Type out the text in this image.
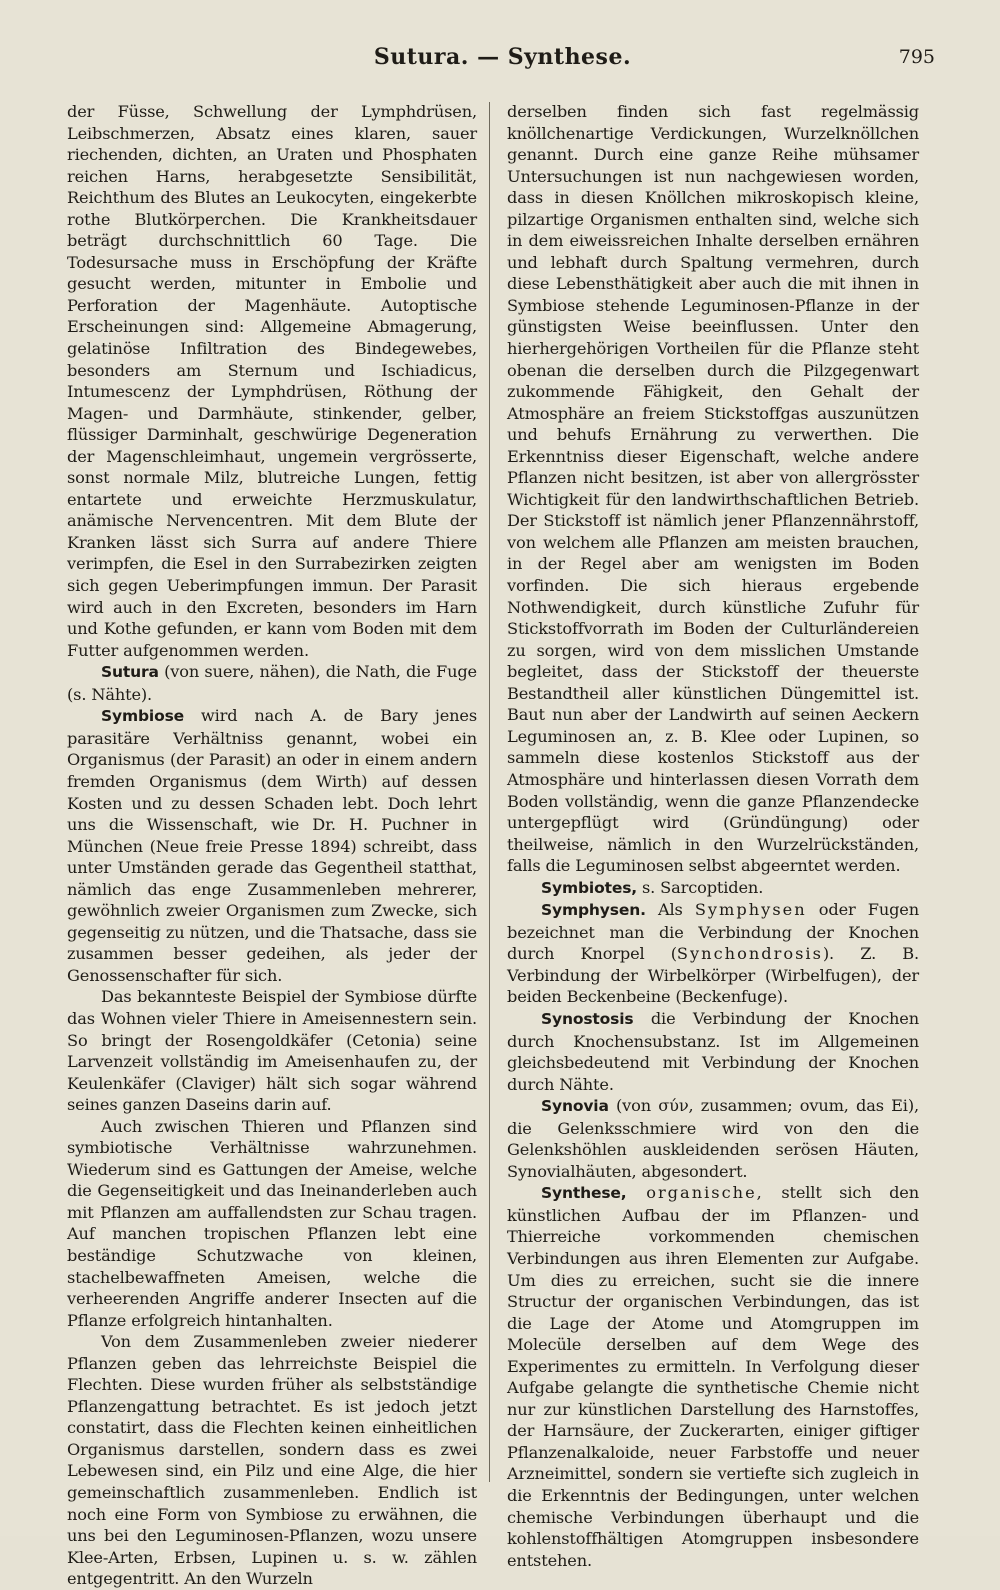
Sutura. — Synthese.	795

der Füsse, Schwellung der Lymphdrüsen, Leibschmerzen, Absatz eines klaren, sauer riechenden, dichten, an Uraten und Phosphaten reichen Harns, herabgesetzte Sensibilität, Reichthum des Blutes an Leukocyten, eingekerbte rothe Blutkörperchen. Die Krankheitsdauer beträgt durchschnittlich 60 Tage. Die Todesursache muss in Erschöpfung der Kräfte gesucht werden, mitunter in Embolie und Perforation der Magenhäute. Autoptische Erscheinungen sind: Allgemeine Abmagerung, gelatinöse Infiltration des Bindegewebes, besonders am Sternum und Ischiadicus, Intumescenz der Lymphdrüsen, Röthung der Magen- und Darmhäute, stinkender, gelber, flüssiger Darminhalt, geschwürige Degeneration der Magenschleimhaut, ungemein vergrösserte, sonst normale Milz, blutreiche Lungen, fettig entartete und erweichte Herzmuskulatur, anämische Nervencentren. Mit dem Blute der Kranken lässt sich Surra auf andere Thiere verimpfen, die Esel in den Surrabezirken zeigten sich gegen Ueberimpfungen immun. Der Parasit wird auch in den Excreten, besonders im Harn und Kothe gefunden, er kann vom Boden mit dem Futter aufgenommen werden.

Sutura (von suere, nähen), die Nath, die Fuge (s. Nähte).

Symbiose wird nach A. de Bary jenes parasitäre Verhältniss genannt, wobei ein Organismus (der Parasit) an oder in einem andern fremden Organismus (dem Wirth) auf dessen Kosten und zu dessen Schaden lebt. Doch lehrt uns die Wissenschaft, wie Dr. H. Puchner in München (Neue freie Presse 1894) schreibt, dass unter Umständen gerade das Gegentheil statthat, nämlich das enge Zusammenleben mehrerer, gewöhnlich zweier Organismen zum Zwecke, sich gegenseitig zu nützen, und die Thatsache, dass sie zusammen besser gedeihen, als jeder der Genossenschafter für sich.

Das bekannteste Beispiel der Symbiose dürfte das Wohnen vieler Thiere in Ameisennestern sein. So bringt der Rosengoldkäfer (Cetonia) seine Larvenzeit vollständig im Ameisenhaufen zu, der Keulenkäfer (Claviger) hält sich sogar während seines ganzen Daseins darin auf.

Auch zwischen Thieren und Pflanzen sind symbiotische Verhältnisse wahrzunehmen. Wiederum sind es Gattungen der Ameise, welche die Gegenseitigkeit und das Ineinanderleben auch mit Pflanzen am auffallendsten zur Schau tragen. Auf manchen tropischen Pflanzen lebt eine beständige Schutzwache von kleinen, stachelbewaffneten Ameisen, welche die verheerenden Angriffe anderer Insecten auf die Pflanze erfolgreich hintanhalten.

Von dem Zusammenleben zweier niederer Pflanzen geben das lehrreichste Beispiel die Flechten. Diese wurden früher als selbstständige Pflanzengattung betrachtet. Es ist jedoch jetzt constatirt, dass die Flechten keinen einheitlichen Organismus darstellen, sondern dass es zwei Lebewesen sind, ein Pilz und eine Alge, die hier gemeinschaftlich zusammenleben. Endlich ist noch eine Form von Symbiose zu erwähnen, die uns bei den Leguminosen-Pflanzen, wozu unsere Klee-Arten, Erbsen, Lupinen u. s. w. zählen entgegentritt. An den Wurzeln

derselben finden sich fast regelmässig knöllchenartige Verdickungen, Wurzelknöllchen genannt. Durch eine ganze Reihe mühsamer Untersuchungen ist nun nachgewiesen worden, dass in diesen Knöllchen mikroskopisch kleine, pilzartige Organismen enthalten sind, welche sich in dem eiweissreichen Inhalte derselben ernähren und lebhaft durch Spaltung vermehren, durch diese Lebensthätigkeit aber auch die mit ihnen in Symbiose stehende Leguminosen-Pflanze in der günstigsten Weise beeinflussen. Unter den hierhergehörigen Vortheilen für die Pflanze steht obenan die derselben durch die Pilzgegenwart zukommende Fähigkeit, den Gehalt der Atmosphäre an freiem Stickstoffgas auszunützen und behufs Ernährung zu verwerthen. Die Erkenntniss dieser Eigenschaft, welche andere Pflanzen nicht besitzen, ist aber von allergrösster Wichtigkeit für den landwirthschaftlichen Betrieb. Der Stickstoff ist nämlich jener Pflanzennährstoff, von welchem alle Pflanzen am meisten brauchen, in der Regel aber am wenigsten im Boden vorfinden. Die sich hieraus ergebende Nothwendigkeit, durch künstliche Zufuhr für Stickstoffvorrath im Boden der Culturländereien zu sorgen, wird von dem misslichen Umstande begleitet, dass der Stickstoff der theuerste Bestandtheil aller künstlichen Düngemittel ist. Baut nun aber der Landwirth auf seinen Aeckern Leguminosen an, z. B. Klee oder Lupinen, so sammeln diese kostenlos Stickstoff aus der Atmosphäre und hinterlassen diesen Vorrath dem Boden vollständig, wenn die ganze Pflanzendecke untergepflügt wird (Gründüngung) oder theilweise, nämlich in den Wurzelrückständen, falls die Leguminosen selbst abgeerntet werden.

Symbiotes, s. Sarcoptiden.

Symphysen. Als Symphysen oder Fugen bezeichnet man die Verbindung der Knochen durch Knorpel (Synchondrosis). Z. B. Verbindung der Wirbelkörper (Wirbelfugen), der beiden Beckenbeine (Beckenfuge).

Synostosis die Verbindung der Knochen durch Knochensubstanz. Ist im Allgemeinen gleichsbedeutend mit Verbindung der Knochen durch Nähte.

Synovia (von σύν, zusammen; ovum, das Ei), die Gelenksschmiere wird von den die Gelenkshöhlen auskleidenden serösen Häuten, Synovialhäuten, abgesondert.

Synthese, organische, stellt sich den künstlichen Aufbau der im Pflanzen- und Thierreiche vorkommenden chemischen Verbindungen aus ihren Elementen zur Aufgabe. Um dies zu erreichen, sucht sie die innere Structur der organischen Verbindungen, das ist die Lage der Atome und Atomgruppen im Molecüle derselben auf dem Wege des Experimentes zu ermitteln. In Verfolgung dieser Aufgabe gelangte die synthetische Chemie nicht nur zur künstlichen Darstellung des Harnstoffes, der Harnsäure, der Zuckerarten, einiger giftiger Pflanzenalkaloide, neuer Farbstoffe und neuer Arzneimittel, sondern sie vertiefte sich zugleich in die Erkenntnis der Bedingungen, unter welchen chemische Verbindungen überhaupt und die kohlenstoffhältigen Atomgruppen insbesondere entstehen.
